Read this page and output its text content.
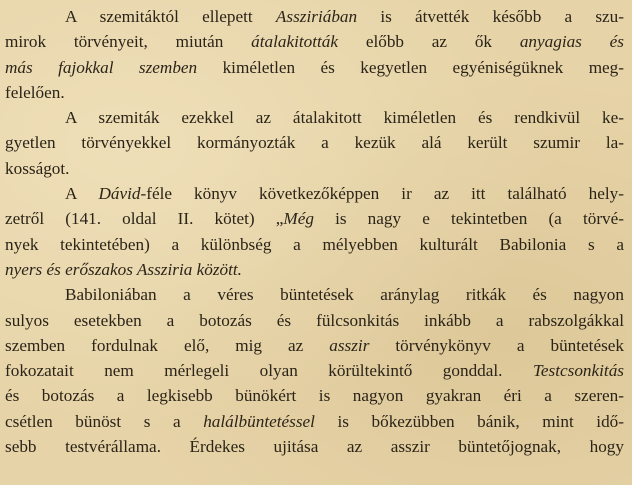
A szemitáktól ellepett Assziriában is átvették később a szu-
mirok törvényeit, miután átalakitották előbb az ők anyagias és
más fajokkal szemben kiméletlen és kegyetlen egyéniségüknek meg-
felelően.
A szemiták ezekkel az átalakitott kiméletlen és rendkivül ke-
gyetlen törvényekkel kormányozták a kezük alá került szumir la-
kosságot.
A Dávid-féle könyv következőképpen ir az itt található hely-
zetről (141. oldal II. kötet) „Még is nagy e tekintetben (a törvé-
nyek tekintetében) a különbség a mélyebben kulturált Babilonia s a
nyers és erőszakos Assziria között.
Babiloniában a véres büntetések aránylag ritkák és nagyon
sulyos esetekben a botozás és fülcsonkitás inkább a rabszolgákkal
szemben fordulnak elő, mig az asszir törvénykönyv a büntetések
fokozatait nem mérlegeli olyan körültekintő gonddal. Testcsonkitás
és botozás a legkisebb bünökért is nagyon gyakran éri a szeren-
csétlen bünöst s a halálbüntetéssel is bőkezübben bánik, mint idő-
sebb testvérállama. Érdekes ujitása az asszir büntetőjognak, hogy
